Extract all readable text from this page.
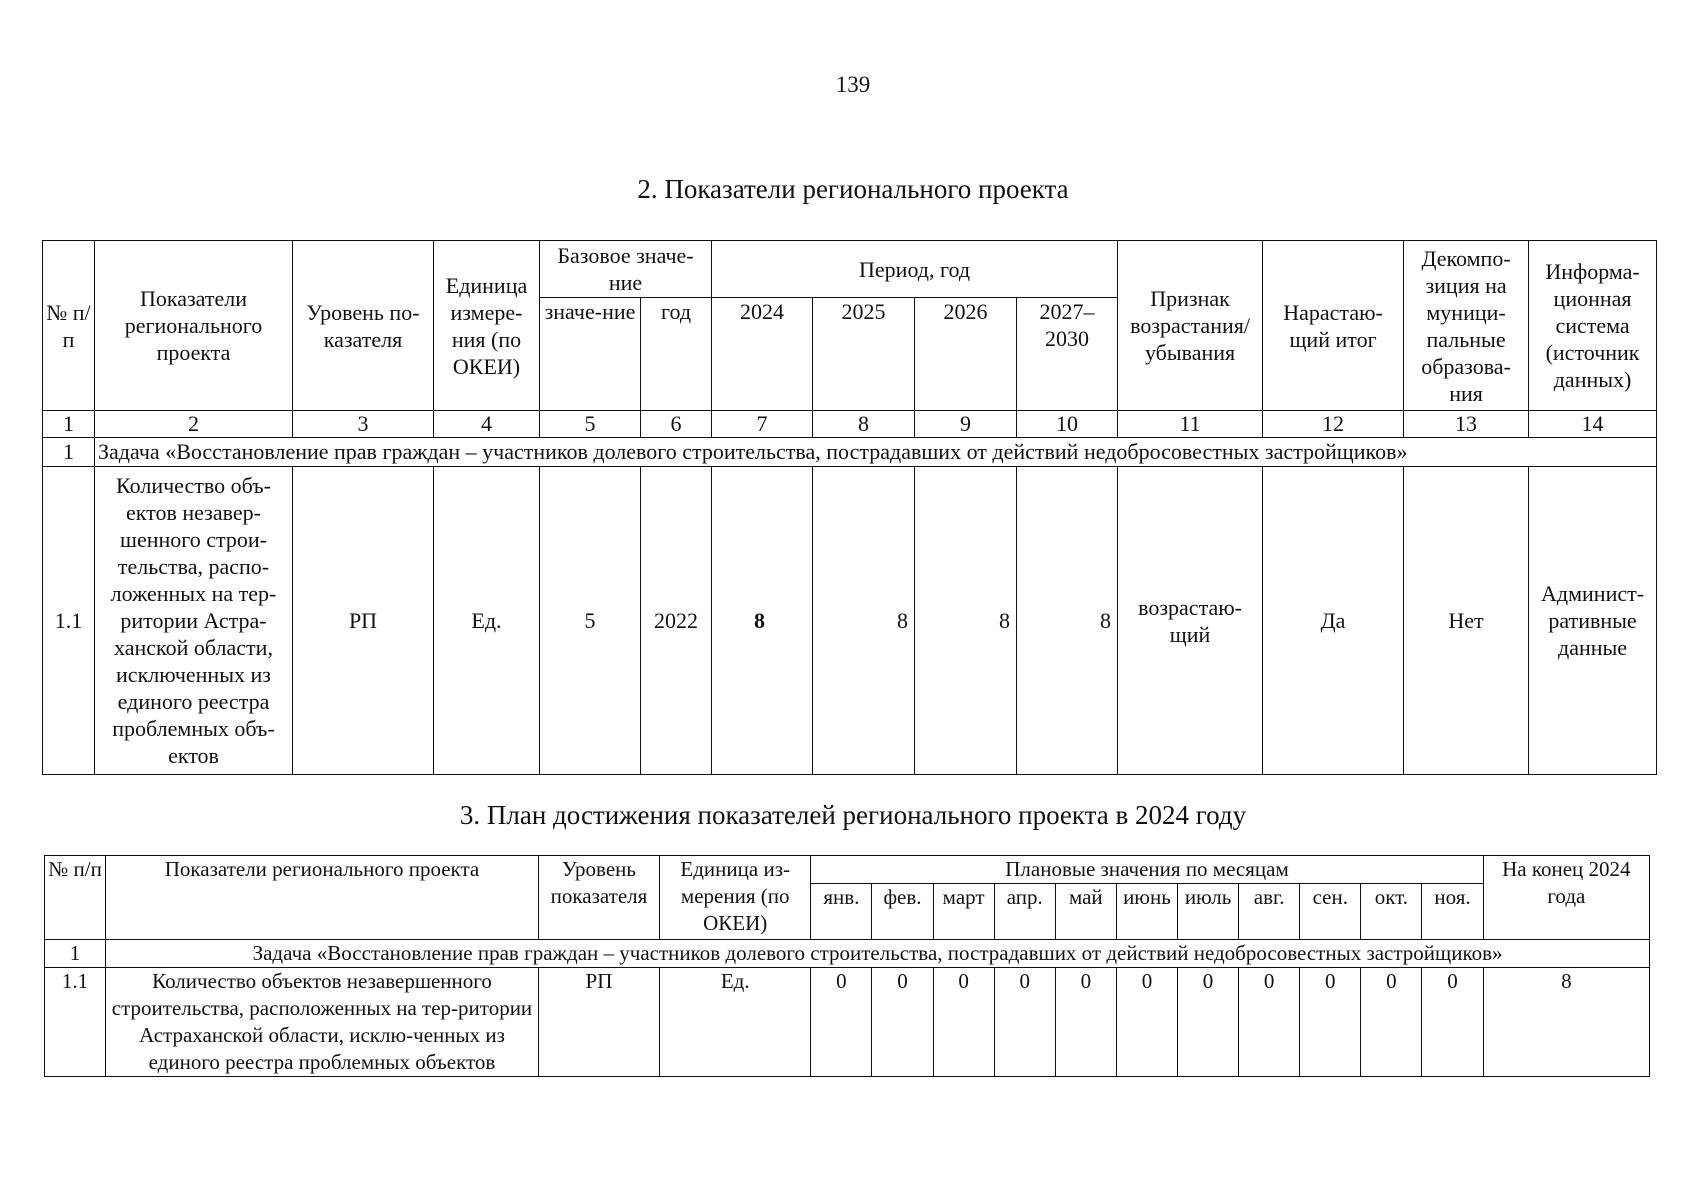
139
2. Показатели регионального проекта
№ п/п	Показатели регионального проекта	Уровень по-казателя	Единица измере-ния (по ОКЕИ)	Базовое значе-ние		Период, год				Признак возрастания/ убывания	Нарастаю-щий итог	Декомпо-зиция на муници-пальные образова-ния	Информа-ционная система (источник данных)
				значе-ние	год	2024	2025	2026	2027–2030				
1	2	3	4	5	6	7	8	9	10	11	12	13	14
1	Задача «Восстановление прав граждан – участников долевого строительства, пострадавших от действий недобросовестных застройщиков»												
1.1	Количество объ-ектов незавер-шенного строи-тельства, распо-ложенных на тер-ритории Астра-ханской области, исключенных из единого реестра проблемных объ-ектов	РП	Ед.	5	2022	8	8	8	8	возрастаю-щий	Да	Нет	Админист-ративные данные
3. План достижения показателей регионального проекта в 2024 году
№ п/п	Показатели регионального проекта	Уровень показателя	Единица из-мерения (по ОКЕИ)	Плановые значения по месяцам											На конец 2024 года
				янв.	фев.	март	апр.	май	июнь	июль	авг.	сен.	окт.	ноя.	
1	Задача «Восстановление прав граждан – участников долевого строительства, пострадавших от действий недобросовестных застройщиков»														
1.1	Количество объектов незавершенного строительства, расположенных на тер-ритории Астраханской области, исклю-ченных из единого реестра проблемных объектов	РП	Ед.	0	0	0	0	0	0	0	0	0	0	0	8
